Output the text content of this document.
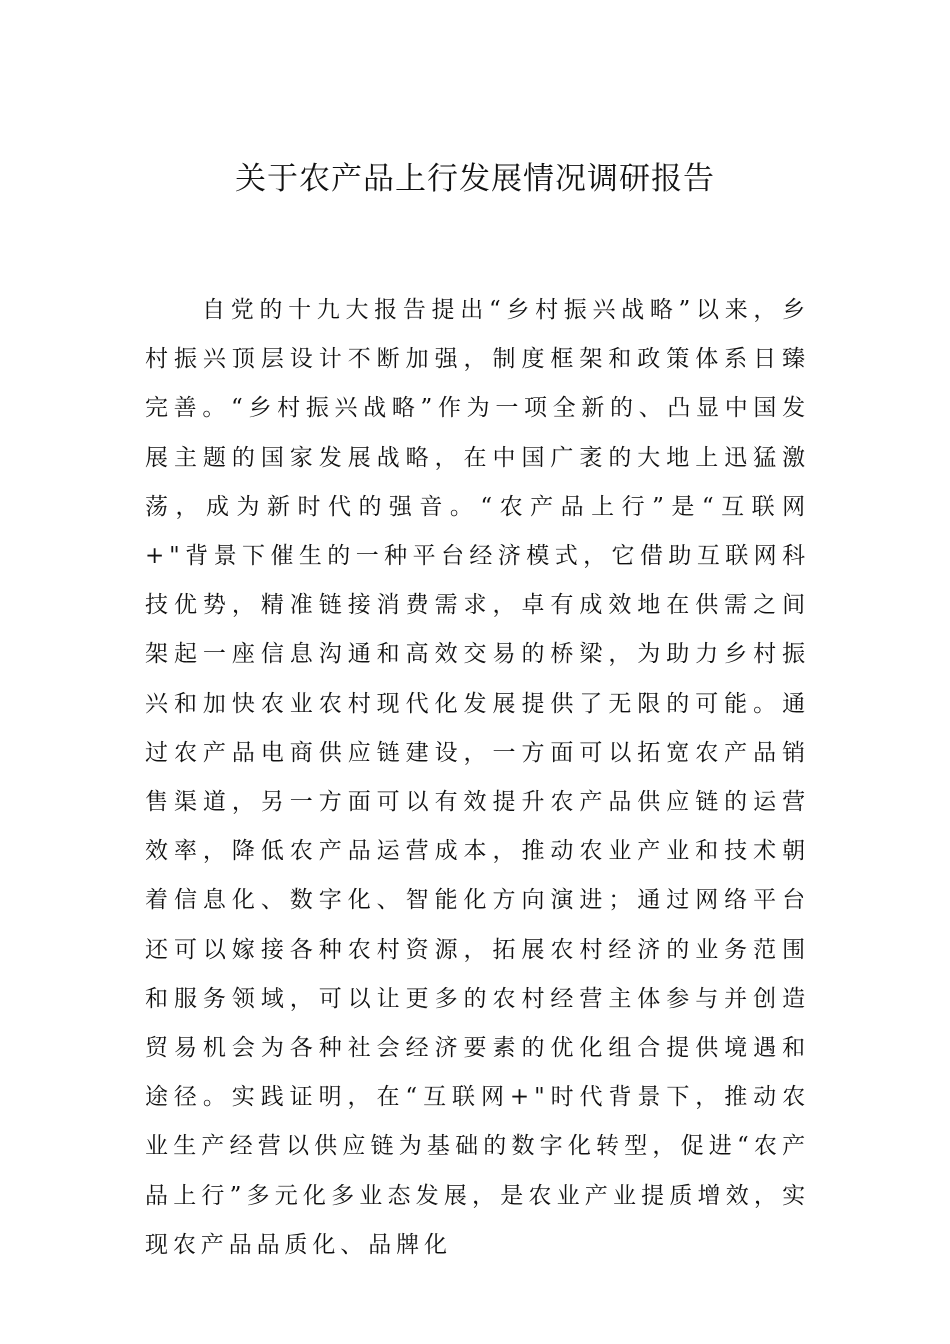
关于农产品上行发展情况调研报告

自党的十九大报告提出“乡村振兴战略”以来，乡村振兴顶层设计不断加强，制度框架和政策体系日臻完善。“乡村振兴战略”作为一项全新的、凸显中国发展主题的国家发展战略，在中国广袤的大地上迅猛激荡，成为新时代的强音。“农产品上行”是“互联网+"背景下催生的一种平台经济模式，它借助互联网科技优势，精准链接消费需求，卓有成效地在供需之间架起一座信息沟通和高效交易的桥梁，为助力乡村振兴和加快农业农村现代化发展提供了无限的可能。通过农产品电商供应链建设，一方面可以拓宽农产品销售渠道，另一方面可以有效提升农产品供应链的运营效率，降低农产品运营成本，推动农业产业和技术朝着信息化、数字化、智能化方向演进；通过网络平台还可以嫁接各种农村资源，拓展农村经济的业务范围和服务领域，可以让更多的农村经营主体参与并创造贸易机会为各种社会经济要素的优化组合提供境遇和途径。实践证明，在“互联网+"时代背景下，推动农业生产经营以供应链为基础的数字化转型，促进“农产品上行”多元化多业态发展，是农业产业提质增效，实现农产品品质化、品牌化
